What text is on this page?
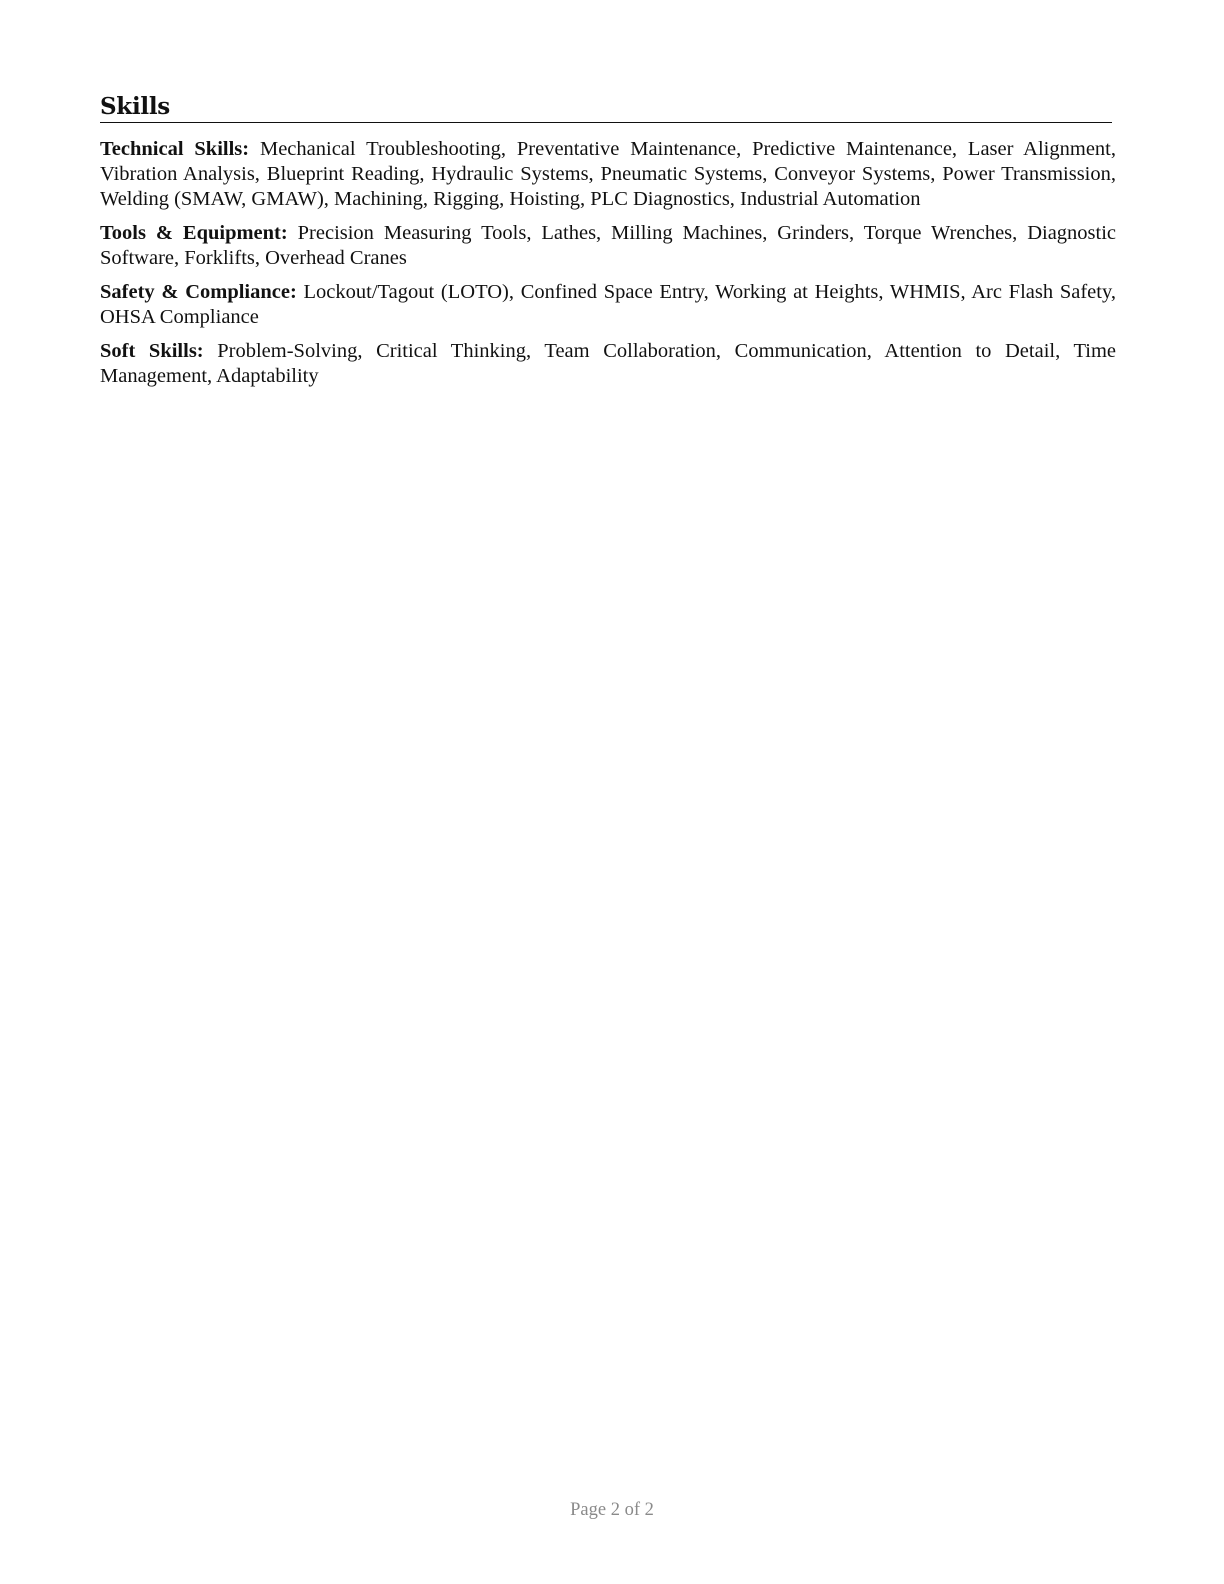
Skills

Technical Skills: Mechanical Troubleshooting, Preventative Maintenance, Predictive Maintenance, Laser Alignment, Vibration Analysis, Blueprint Reading, Hydraulic Systems, Pneumatic Systems, Conveyor Systems, Power Transmission, Welding (SMAW, GMAW), Machining, Rigging, Hoisting, PLC Diagnostics, Industrial Automation

Tools & Equipment: Precision Measuring Tools, Lathes, Milling Machines, Grinders, Torque Wrenches, Diagnostic Software, Forklifts, Overhead Cranes

Safety & Compliance: Lockout/Tagout (LOTO), Confined Space Entry, Working at Heights, WHMIS, Arc Flash Safety, OHSA Compliance

Soft Skills: Problem-Solving, Critical Thinking, Team Collaboration, Communication, Attention to Detail, Time Management, Adaptability

Page 2 of 2
